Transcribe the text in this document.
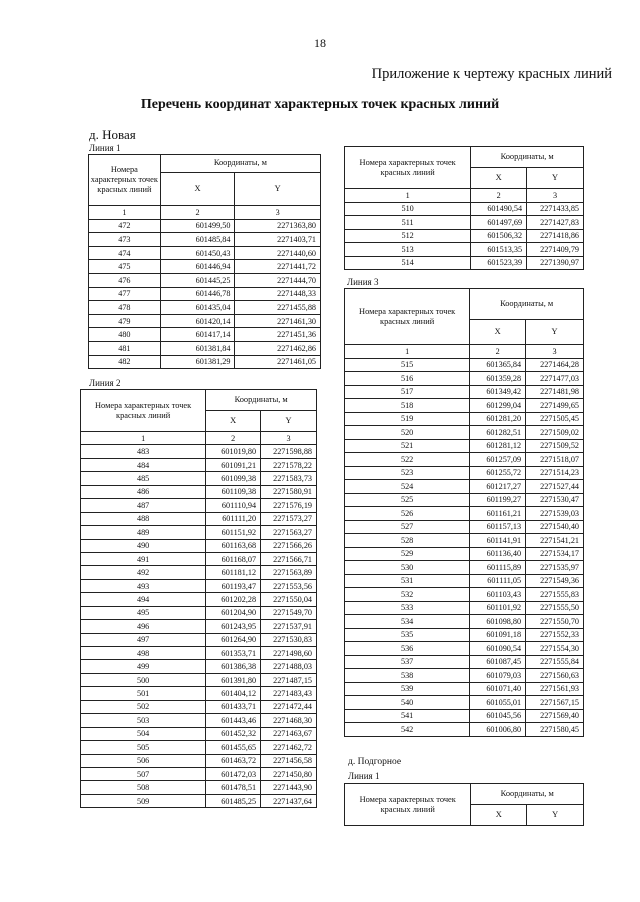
18
Приложение к чертежу красных линий
Перечень координат характерных точек красных линий
д. Новая
Линия 1
Номера характерных точек красных линий	Координаты, м	
	X	Y
1	2	3
472	601499,50	2271363,80
473	601485,84	2271403,71
474	601450,43	2271440,60
475	601446,94	2271441,72
476	601445,25	2271444,70
477	601446,78	2271448,33
478	601435,04	2271455,88
479	601420,14	2271461,30
480	601417,14	2271451,36
481	601381,84	2271462,86
482	601381,29	2271461,05
Линия 2
Номера характерных точек красных линий	Координаты, м	
	X	Y
1	2	3
483	601019,80	2271598,88
484	601091,21	2271578,22
485	601099,38	2271583,73
486	601109,38	2271580,91
487	601110,94	2271576,19
488	601111,20	2271573,27
489	601151,92	2271563,27
490	601163,68	2271566,26
491	601168,07	2271566,71
492	601181,12	2271563,89
493	601193,47	2271553,56
494	601202,28	2271550,04
495	601204,90	2271549,70
496	601243,95	2271537,91
497	601264,90	2271530,83
498	601353,71	2271498,60
499	601386,38	2271488,03
500	601391,80	2271487,15
501	601404,12	2271483,43
502	601433,71	2271472,44
503	601443,46	2271468,30
504	601452,32	2271463,67
505	601455,65	2271462,72
506	601463,72	2271456,58
507	601472,03	2271450,80
508	601478,51	2271443,90
509	601485,25	2271437,64
Номера характерных точек красных линий	Координаты, м	
	X	Y
1	2	3
510	601490,54	2271433,85
511	601497,69	2271427,83
512	601506,32	2271418,86
513	601513,35	2271409,79
514	601523,39	2271390,97
Линия 3
Номера характерных точек красных линий	Координаты, м	
	X	Y
1	2	3
515	601365,84	2271464,28
516	601359,28	2271477,03
517	601349,42	2271481,98
518	601299,04	2271499,65
519	601281,20	2271505,45
520	601282,51	2271509,02
521	601281,12	2271509,52
522	601257,09	2271518,07
523	601255,72	2271514,23
524	601217,27	2271527,44
525	601199,27	2271530,47
526	601161,21	2271539,03
527	601157,13	2271540,40
528	601141,91	2271541,21
529	601136,40	2271534,17
530	601115,89	2271535,97
531	601111,05	2271549,36
532	601103,43	2271555,83
533	601101,92	2271555,50
534	601098,80	2271550,70
535	601091,18	2271552,33
536	601090,54	2271554,30
537	601087,45	2271555,84
538	601079,03	2271560,63
539	601071,40	2271561,93
540	601055,01	2271567,15
541	601045,56	2271569,40
542	601006,80	2271580,45
д. Подгорное
Линия 1
Номера характерных точек красных линий	Координаты, м	
	X	Y
